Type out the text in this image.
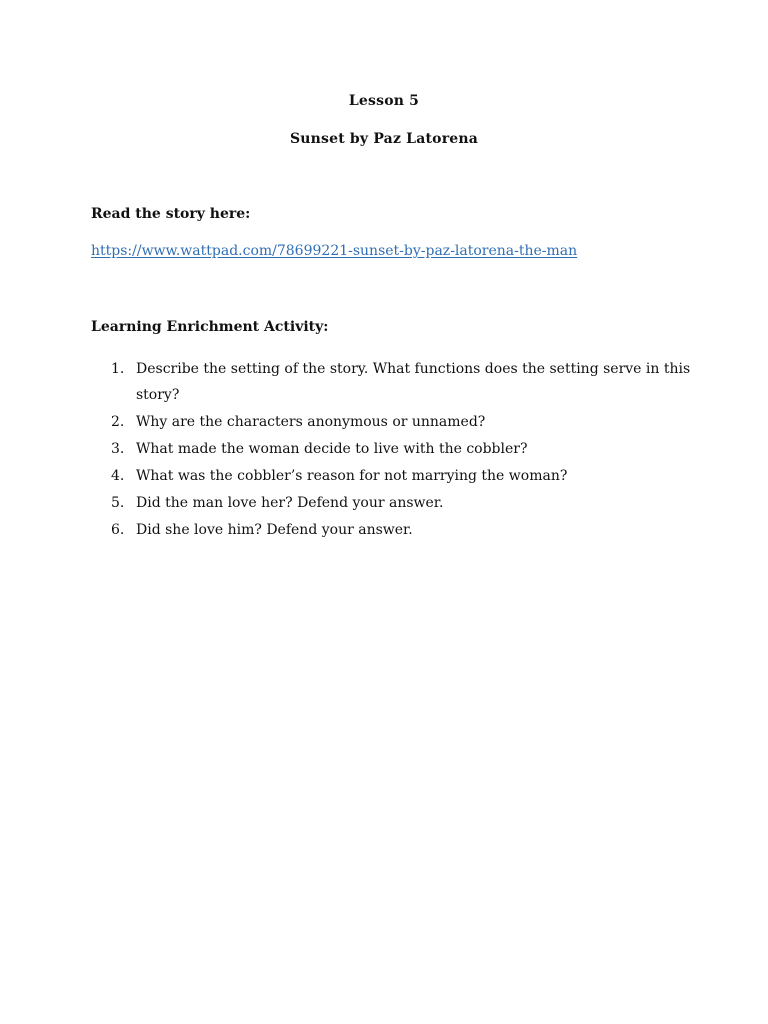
Lesson 5
Sunset by Paz Latorena
Read the story here:
https://www.wattpad.com/78699221-sunset-by-paz-latorena-the-man
Learning Enrichment Activity:
1. Describe the setting of the story. What functions does the setting serve in this story?
2. Why are the characters anonymous or unnamed?
3. What made the woman decide to live with the cobbler?
4. What was the cobbler’s reason for not marrying the woman?
5. Did the man love her? Defend your answer.
6. Did she love him? Defend your answer.
